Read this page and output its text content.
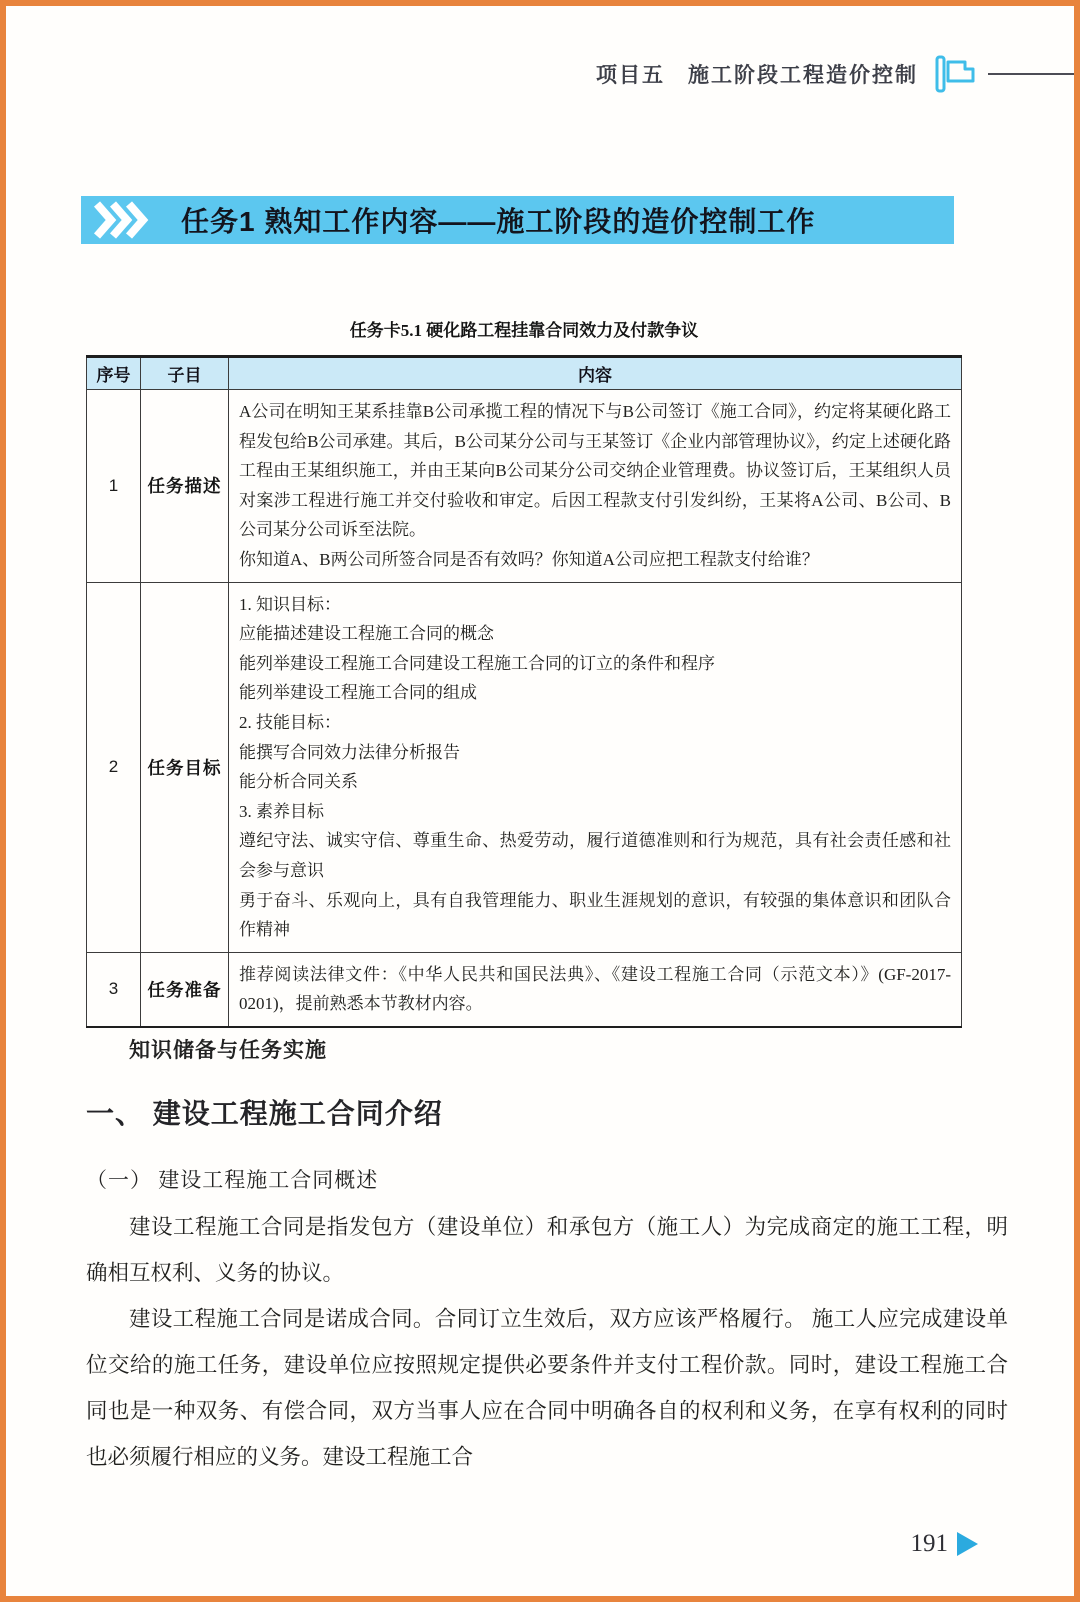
项目五　施工阶段工程造价控制
任务1 熟知工作内容——施工阶段的造价控制工作
任务卡5.1 硬化路工程挂靠合同效力及付款争议
序号	子目	内容
1	任务描述	A公司在明知王某系挂靠B公司承揽工程的情况下与B公司签订《施工合同》，约定将某硬化路工程发包给B公司承建。其后，B公司某分公司与王某签订《企业内部管理协议》，约定上述硬化路工程由王某组织施工，并由王某向B公司某分公司交纳企业管理费。协议签订后，王某组织人员对案涉工程进行施工并交付验收和审定。后因工程款支付引发纠纷，王某将A公司、B公司、B公司某分公司诉至法院。
你知道A、B两公司所签合同是否有效吗？你知道A公司应把工程款支付给谁？

2	任务目标	
1. 知识目标：
应能描述建设工程施工合同的概念
能列举建设工程施工合同建设工程施工合同的订立的条件和程序
能列举建设工程施工合同的组成
2. 技能目标：
能撰写合同效力法律分析报告
能分析合同关系
3. 素养目标
遵纪守法、诚实守信、尊重生命、热爱劳动，履行道德准则和行为规范，具有社会责任感和社会参与意识
勇于奋斗、乐观向上，具有自我管理能力、职业生涯规划的意识，有较强的集体意识和团队合作精神

3	任务准备	推荐阅读法律文件：《中华人民共和国民法典》、《建设工程施工合同（示范文本）》(GF-2017-0201)，提前熟悉本节教材内容。
知识储备与任务实施
一、 建设工程施工合同介绍
（一） 建设工程施工合同概述

建设工程施工合同是指发包方（建设单位）和承包方（施工人）为完成商定的施工工程，明确相互权利、义务的协议。

建设工程施工合同是诺成合同。合同订立生效后，双方应该严格履行。 施工人应完成建设单位交给的施工任务，建设单位应按照规定提供必要条件并支付工程价款。同时，建设工程施工合同也是一种双务、有偿合同，双方当事人应在合同中明确各自的权利和义务，在享有权利的同时也必须履行相应的义务。建设工程施工合

191
